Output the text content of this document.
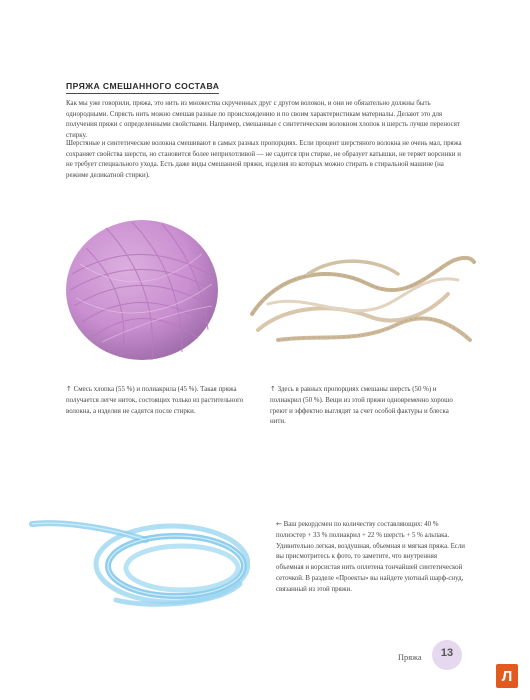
ПРЯЖА СМЕШАННОГО СОСТАВА

Как мы уже говорили, пряжа, это нить из множества скрученных друг с другом волокон, и они не обязательно должны быть однородными. Спрясть нить можно смешав разные по происхождению и по своим характеристикам материалы. Делают это для получения пряжи с определенными свойствами. Например, смешанные с синтетическим волокном хлопок и шерсть лучше переносят стирку.

Шерстяные и синтетические волокна смешивают в самых разных пропорциях. Если процент шерстяного волокна не очень мал, пряжа сохраняет свойства шерсти, но становится более неприхотливой — не садится при стирке, не образует катышки, не теряет ворсинки и не требует специального ухода. Есть даже виды смешанной пряжи, изделия из которых можно стирать в стиральной машине (на режиме деликатной стирки).

↑ Смесь хлопка (55 %) и полиакрила (45 %). Такая пряжа получается легче ниток, состоящих только из растительного волокна, а изделия не садятся после стирки.

↑ Здесь в равных пропорциях смешаны шерсть (50 %) и полиакрил (50 %). Вещи из этой пряжи одновременно хорошо греют и эффектно выглядят за счет особой фактуры и блеска нити.

← Ваш рекордсмен по количеству составляющих: 40 % полиэстер + 33 % полиакрил + 22 % шерсть + 5 % альпака. Удивительно легкая, воздушная, объемная и мягкая пряжа. Если вы присмотритесь к фото, то заметите, что внутренняя объемная и ворсистая нить оплетена тончайшей синтетической сеточкой. В разделе «Проекты» вы найдете уютный шарф-снуд, связанный из этой пряжи.

Пряжа	13
Л
